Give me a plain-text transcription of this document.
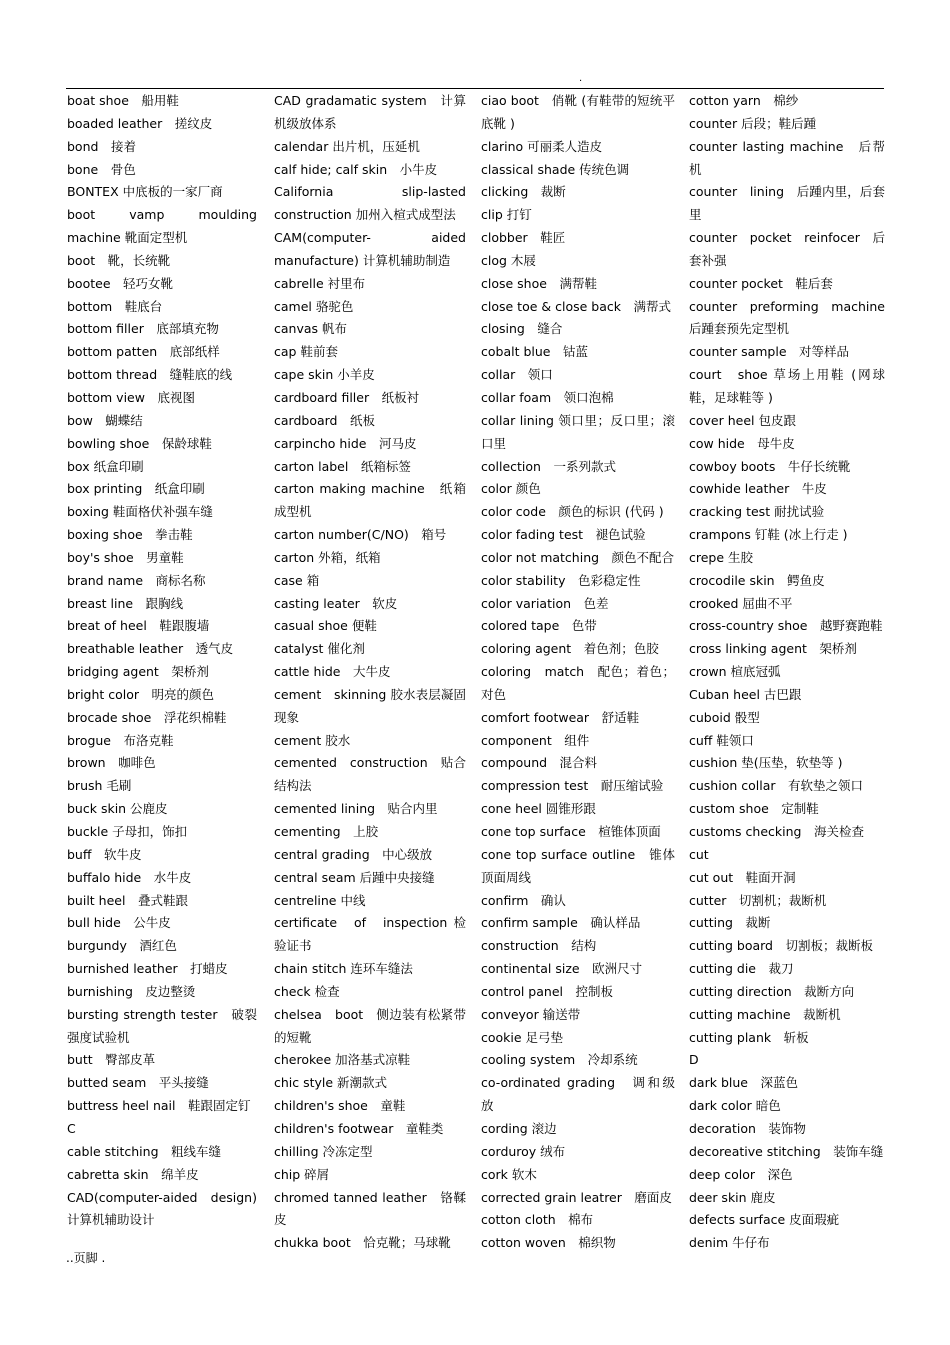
.
boat shoe　船用鞋
boaded leather　搓纹皮
bond　接着
bone　骨色
BONTEX 中底板的一家厂商
boot　vamp　moulding　machine 靴面定型机
boot　靴，长统靴
bootee　轻巧女靴
bottom　鞋底台
bottom filler　底部填充物
bottom patten　底部纸样
bottom thread　缝鞋底的线
bottom view　底视图
bow　蝴蝶结
bowling shoe　保龄球鞋
box 纸盒印刷
box printing　纸盒印刷
boxing 鞋面格伏补强车缝
boxing shoe　拳击鞋
boy's shoe　男童鞋
brand name　商标名称
breast line　跟胸线
breat of heel　鞋跟腹墙
breathable leather　透气皮
bridging agent　架桥剂
bright color　明亮的颜色
brocade shoe　浮花织棉鞋
brogue　布洛克鞋
brown　咖啡色
brush 毛刷
buck skin 公鹿皮
buckle 子母扣，饰扣
buff　软牛皮
buffalo hide　水牛皮
built heel　叠式鞋跟
bull hide　公牛皮
burgundy　酒红色
burnished leather　打蜡皮
burnishing　皮边整烫
bursting strength tester　破裂强度试验机
butt　臀部皮革
butted seam　平头接缝
buttress heel nail　鞋跟固定钉
C
cable stitching　粗线车缝
cabretta skin　绵羊皮
CAD(computer-aided　design) 计算机辅助设计
CAD gradamatic system　计算机级放体系
calendar 出片机，压延机
calf hide; calf skin　小牛皮
California　slip-lasted construction 加州入楦式成型法
CAM(computer-　aided manufacture) 计算机辅助制造
cabrelle 衬里布
camel 骆驼色
canvas 帆布
cap 鞋前套
cape skin 小羊皮
cardboard filler　纸板衬
cardboard　纸板
carpincho hide　河马皮
carton label　纸箱标签
carton making machine　纸箱成型机
carton number(C/NO)　箱号
carton 外箱，纸箱
case 箱
casting leater　软皮
casual shoe 便鞋
catalyst 催化剂
cattle hide　大牛皮
cement　skinning 胶水表层凝固现象
cement 胶水
cemented　construction　贴合结构法
cemented lining　贴合内里
cementing　上胶
central grading　中心级放
central seam 后踵中央接缝
centreline 中线
certificate　of　inspection 检验证书
chain stitch 连环车缝法
check 检查
chelsea　boot　侧边装有松紧带的短靴
cherokee 加洛基式凉鞋
chic style 新潮款式
children's shoe　童鞋
children's footwear　童鞋类
chilling 冷冻定型
chip 碎屑
chromed tanned leather　铬鞣皮
chukka boot　恰克靴；马球靴
ciao boot　俏靴 (有鞋带的短统平底靴 )
clarino 可丽柔人造皮
classical shade 传统色调
clicking　裁断
clip 打钉
clobber　鞋匠
clog 木屐
close shoe　满帮鞋
close toe & close back　满帮式
closing　缝合
cobalt blue　钴蓝
collar　领口
collar foam　领口泡棉
collar lining 领口里；反口里；滚口里
collection　一系列款式
color 颜色
color code　颜色的标识 (代码 )
color fading test　褪色试验
color not matching　颜色不配合
color stability　色彩稳定性
color variation　色差
colored tape　色带
coloring agent　着色剂；色胶
coloring　match　配色；着色；对色
comfort footwear　舒适鞋
component　组件
compound　混合料
compression test　耐压缩试验
cone heel 圆锥形跟
cone top surface　楦锥体顶面
cone top surface outline　锥体顶面周线
confirm　确认
confirm sample　确认样品
construction　结构
continental size　欧洲尺寸
control panel　控制板
conveyor 输送带
cookie 足弓垫
cooling system　冷却系统
co-ordinated grading　调和级放
cording 滚边
corduroy 绒布
cork 软木
corrected grain leatrer　磨面皮
cotton cloth　棉布
cotton woven　棉织物
cotton yarn　棉纱
counter 后段；鞋后踵
counter lasting machine　后帮机
counter　lining　后踵内里，后套里
counter　pocket　reinfocer　后套补强
counter pocket　鞋后套
counter preforming machine　后踵套预先定型机
counter sample　对等样品
court　shoe 草场上用鞋 (网球鞋，足球鞋等 )
cover heel 包皮跟
cow hide　母牛皮
cowboy boots　牛仔长统靴
cowhide leather　牛皮
cracking test 耐扰试验
crampons 钉鞋 (冰上行走 )
crepe 生胶
crocodile skin　鳄鱼皮
crooked 屈曲不平
cross-country shoe　越野赛跑鞋
cross linking agent　架桥剂
crown 楦底冠弧
Cuban heel 古巴跟
cuboid 骰型
cuff 鞋领口
cushion 垫(压垫，软垫等 )
cushion collar　有软垫之领口
custom shoe　定制鞋
customs checking　海关检查
cut
cut out　鞋面开洞
cutter　切割机；裁断机
cutting　裁断
cutting board　切割板；裁断板
cutting die　裁刀
cutting direction　裁断方向
cutting machine　裁断机
cutting plank　斩板
D
dark blue　深蓝色
dark color 暗色
decoration　装饰物
decoreative stitching　装饰车缝
deep color　深色
deer skin 鹿皮
defects surface 皮面瑕疵
denim 牛仔布
..页脚 .
